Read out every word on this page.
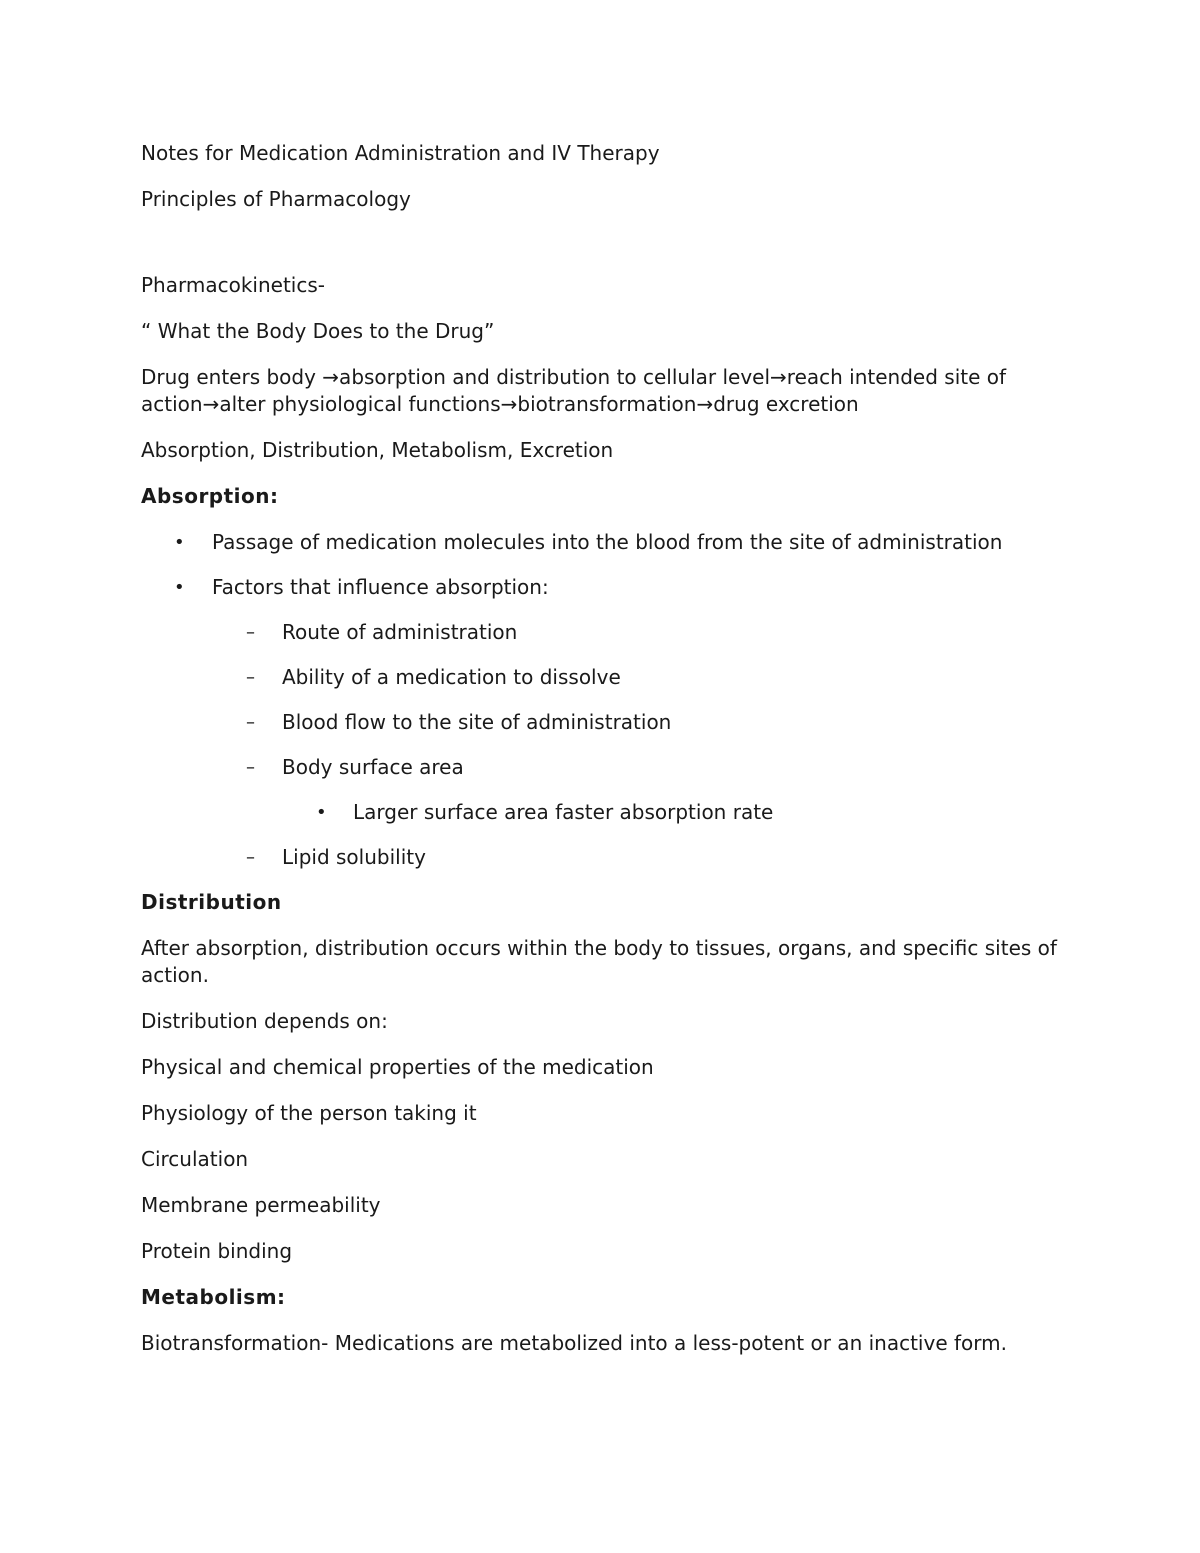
Notes for Medication Administration and IV Therapy
Principles of Pharmacology
Pharmacokinetics-
“ What the Body Does to the Drug”
Drug enters body →absorption and distribution to cellular level→reach intended site of action→alter physiological functions→biotransformation→drug excretion
Absorption, Distribution, Metabolism, Excretion
Absorption:
• Passage of medication molecules into the blood from the site of administration
• Factors that influence absorption:
– Route of administration
– Ability of a medication to dissolve
– Blood flow to the site of administration
– Body surface area
• Larger surface area faster absorption rate
– Lipid solubility
Distribution
After absorption, distribution occurs within the body to tissues, organs, and specific sites of action.
Distribution depends on:
Physical and chemical properties of the medication
Physiology of the person taking it
Circulation
Membrane permeability
Protein binding
Metabolism:
Biotransformation- Medications are metabolized into a less-potent or an inactive form.
